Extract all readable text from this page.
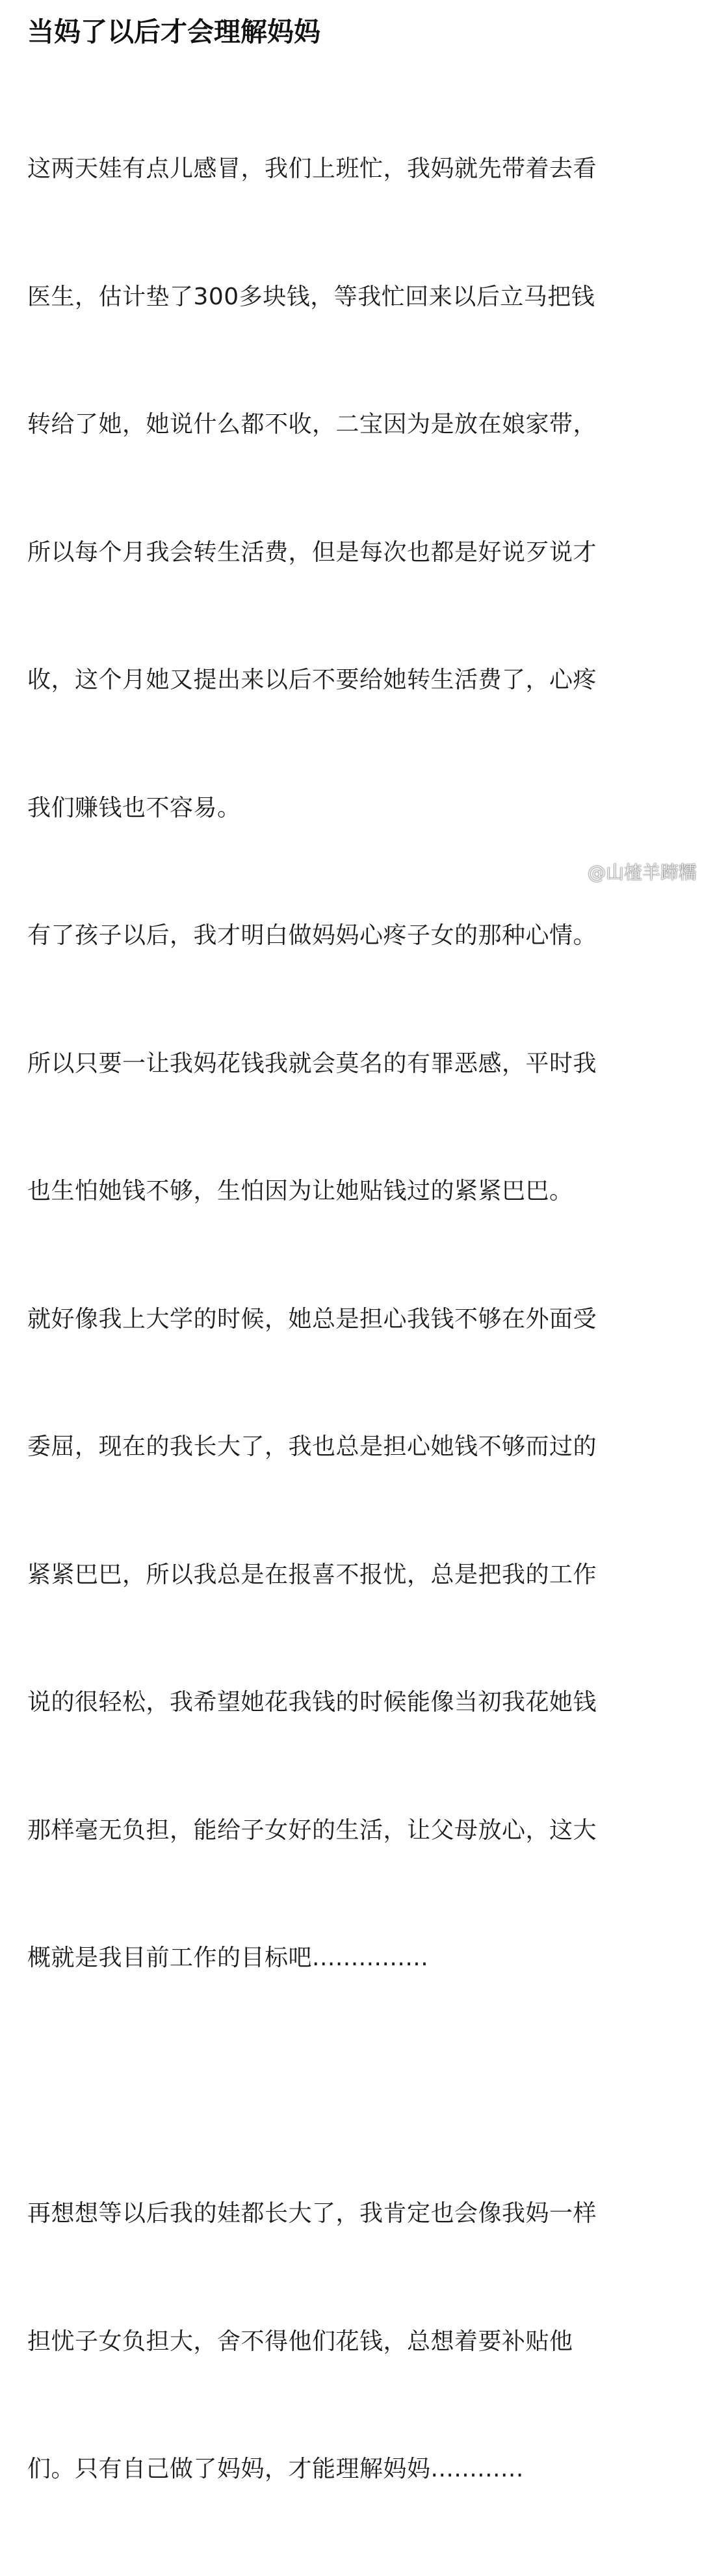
当妈了以后才会理解妈妈

这两天娃有点儿感冒，我们上班忙，我妈就先带着去看

医生，估计垫了300多块钱，等我忙回来以后立马把钱

转给了她，她说什么都不收，二宝因为是放在娘家带，

所以每个月我会转生活费，但是每次也都是好说歹说才

收，这个月她又提出来以后不要给她转生活费了，心疼

我们赚钱也不容易。

有了孩子以后，我才明白做妈妈心疼子女的那种心情。

所以只要一让我妈花钱我就会莫名的有罪恶感，平时我

也生怕她钱不够，生怕因为让她贴钱过的紧紧巴巴。

就好像我上大学的时候，她总是担心我钱不够在外面受

委屈，现在的我长大了，我也总是担心她钱不够而过的

紧紧巴巴，所以我总是在报喜不报忧，总是把我的工作

说的很轻松，我希望她花我钱的时候能像当初我花她钱

那样毫无负担，能给子女好的生活，让父母放心，这大

概就是我目前工作的目标吧...............

再想想等以后我的娃都长大了，我肯定也会像我妈一样

担忧子女负担大，舍不得他们花钱，总想着要补贴他

们。只有自己做了妈妈，才能理解妈妈............

@山楂羊蹄糯
